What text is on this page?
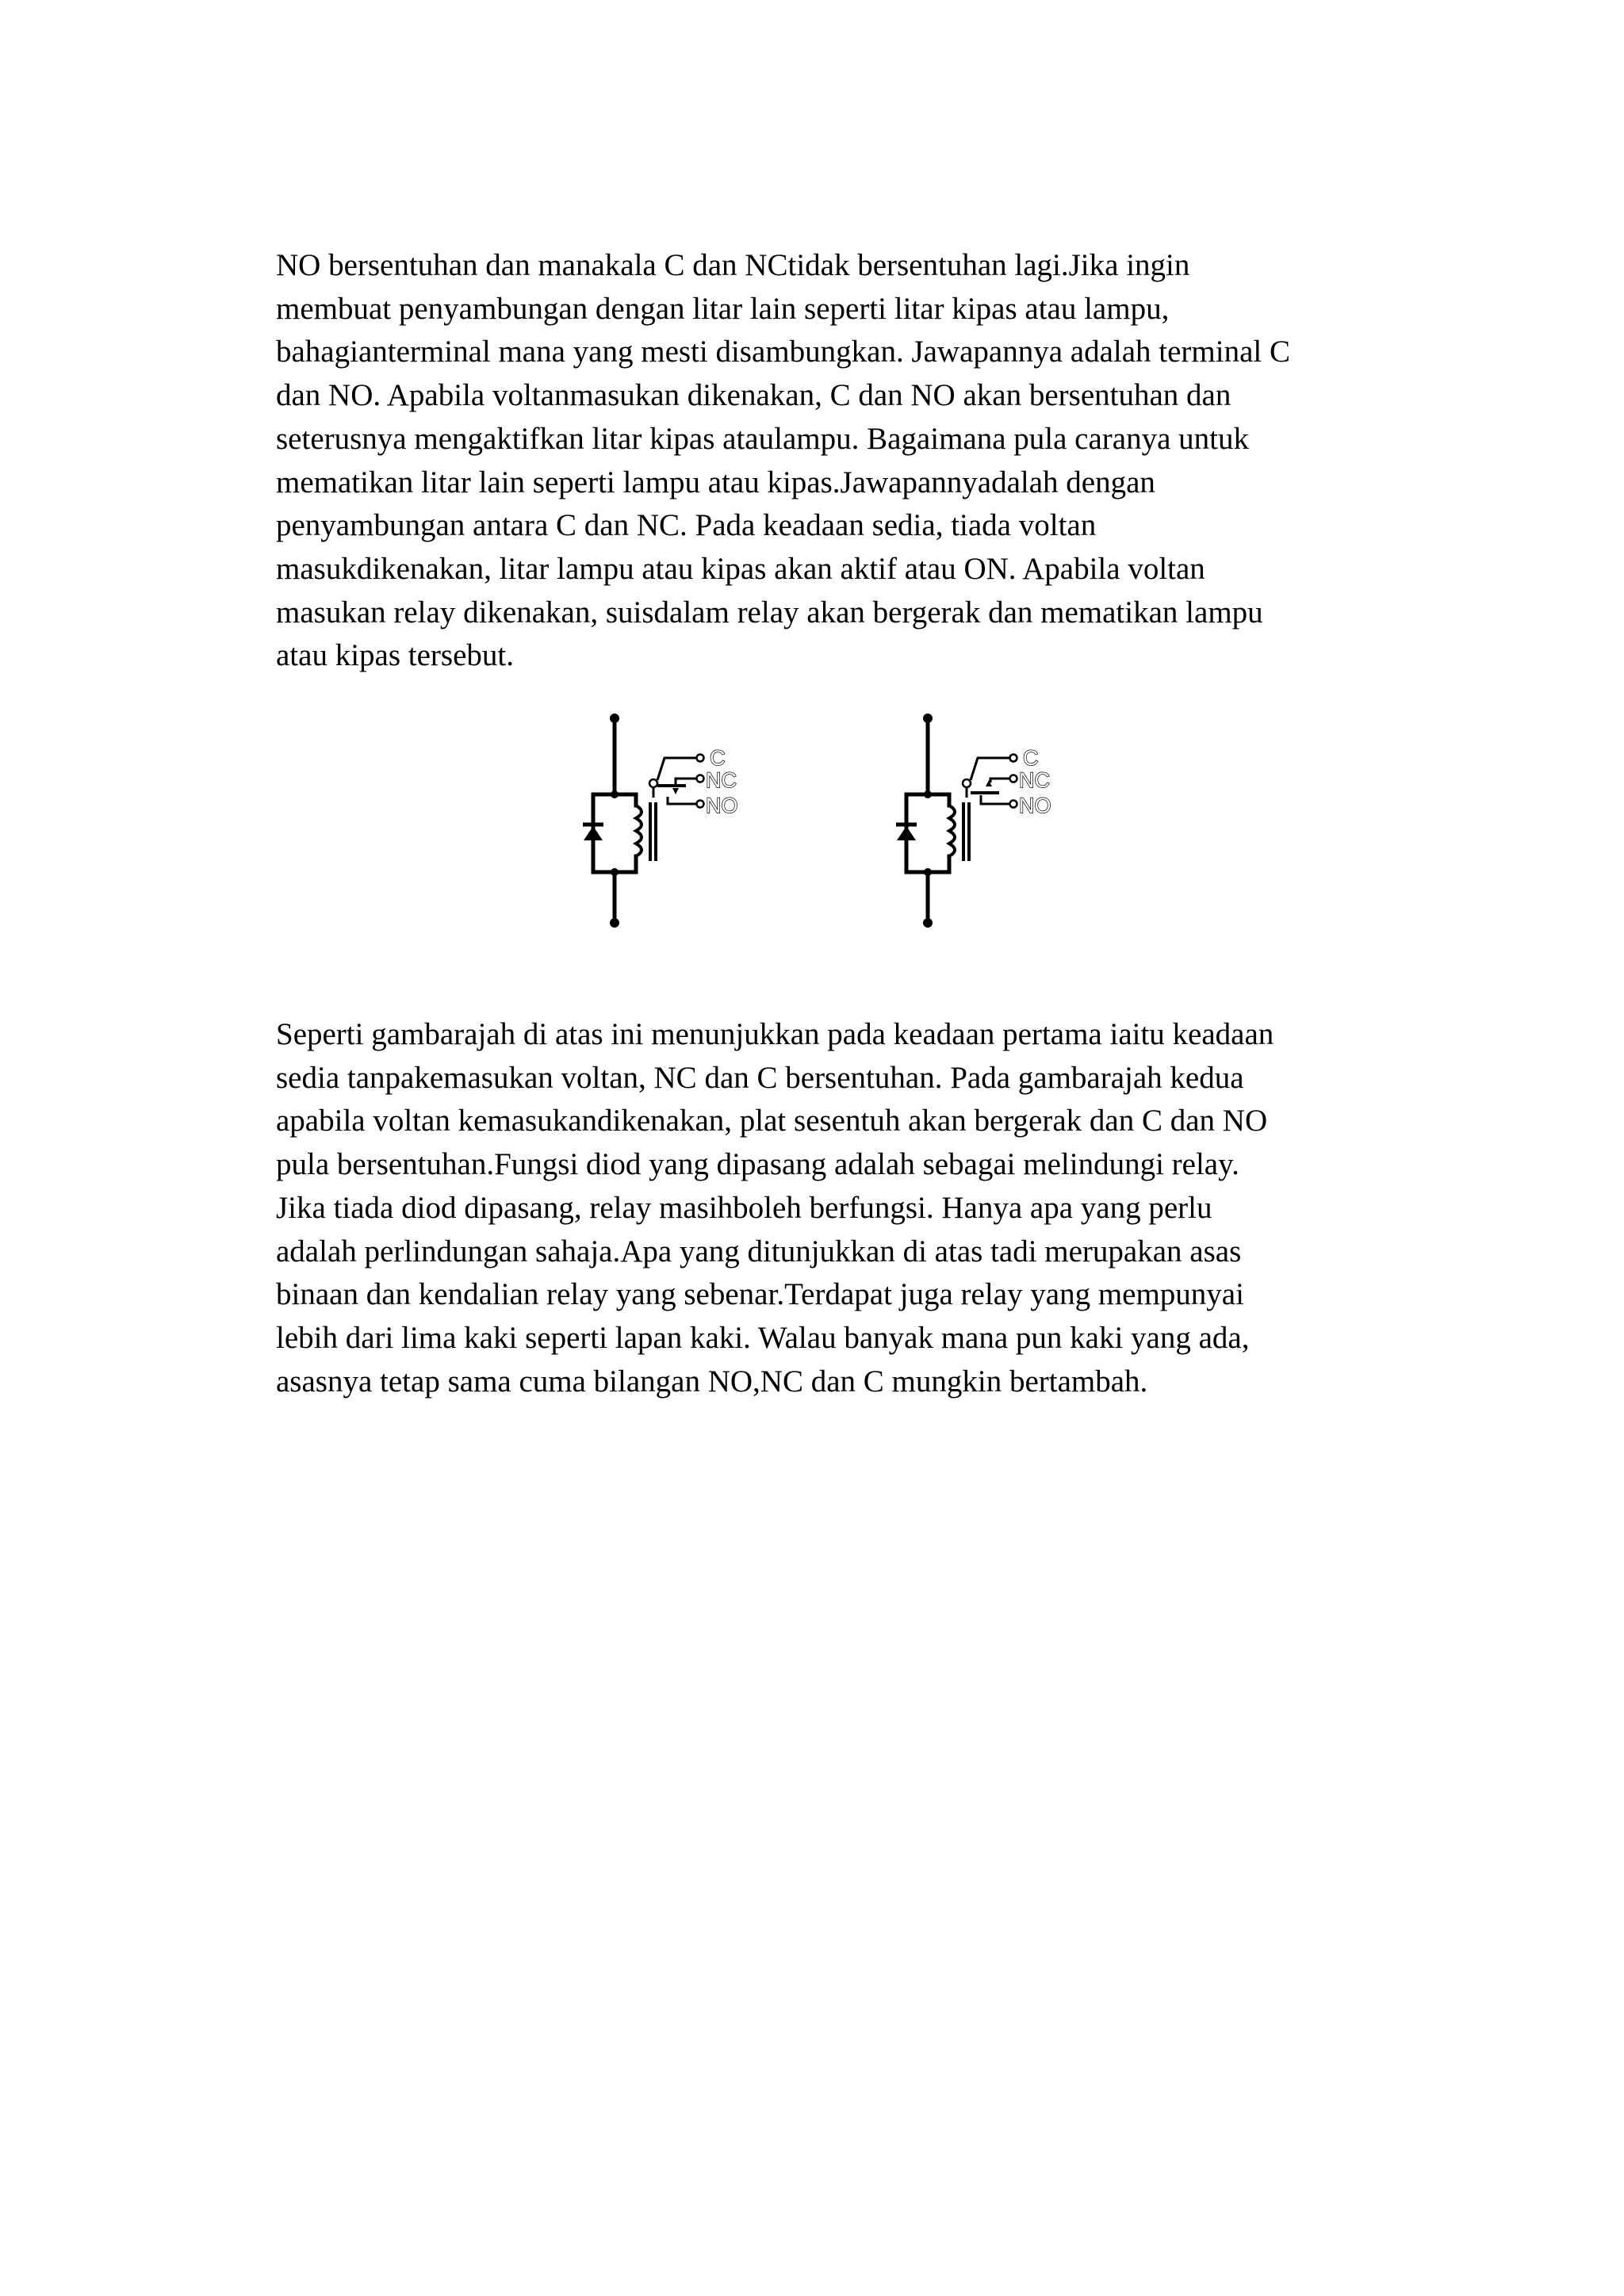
NO bersentuhan dan manakala C dan NCtidak bersentuhan lagi.Jika ingin
membuat penyambungan dengan litar lain seperti litar kipas atau lampu,
bahagianterminal mana yang mesti disambungkan. Jawapannya adalah terminal C
dan NO. Apabila voltanmasukan dikenakan, C dan NO akan bersentuhan dan
seterusnya mengaktifkan litar kipas ataulampu. Bagaimana pula caranya untuk
mematikan litar lain seperti lampu atau kipas.Jawapannyadalah dengan
penyambungan antara C dan NC. Pada keadaan sedia, tiada voltan
masukdikenakan, litar lampu atau kipas akan aktif atau ON. Apabila voltan
masukan relay dikenakan, suisdalam relay akan bergerak dan mematikan lampu
atau kipas tersebut.
C
NC
NO
C
NC
NO
Seperti gambarajah di atas ini menunjukkan pada keadaan pertama iaitu keadaan
sedia tanpakemasukan voltan, NC dan C bersentuhan. Pada gambarajah kedua
apabila voltan kemasukandikenakan, plat sesentuh akan bergerak dan C dan NO
pula bersentuhan.Fungsi diod yang dipasang adalah sebagai melindungi relay.
Jika tiada diod dipasang, relay masihboleh berfungsi. Hanya apa yang perlu
adalah perlindungan sahaja.Apa yang ditunjukkan di atas tadi merupakan asas
binaan dan kendalian relay yang sebenar.Terdapat juga relay yang mempunyai
lebih dari lima kaki seperti lapan kaki. Walau banyak mana pun kaki yang ada,
asasnya tetap sama cuma bilangan NO,NC dan C mungkin bertambah.
